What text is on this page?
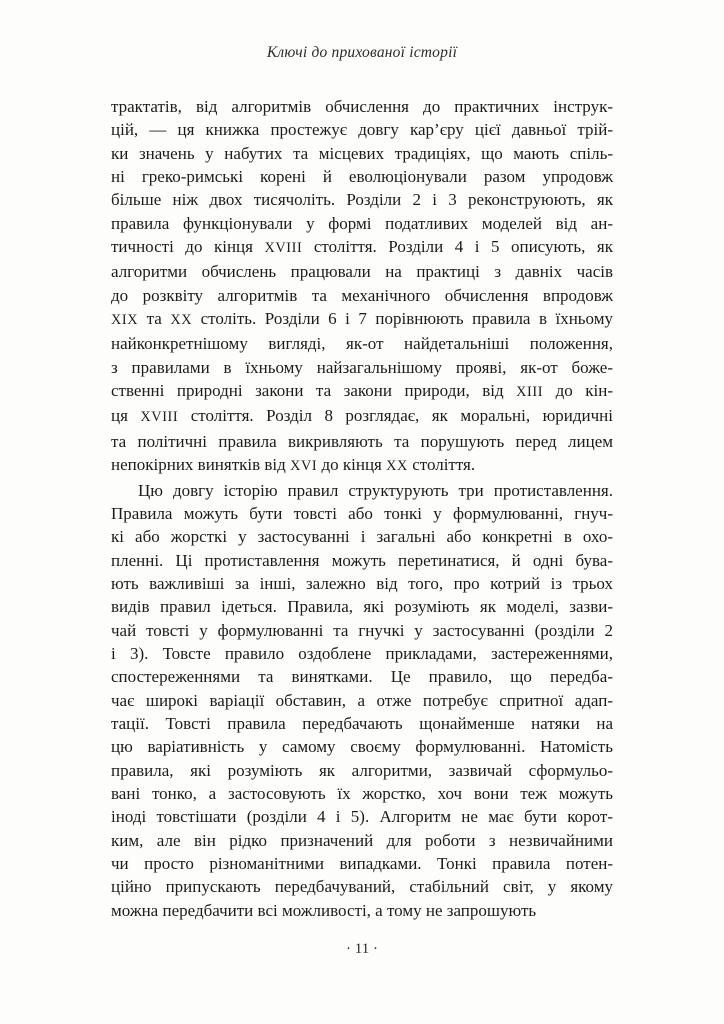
Ключі до прихованої історії
трактатів, від алгоритмів обчислення до практичних інструк-
цій, — ця книжка простежує довгу кар’єру цієї давньої трій-
ки значень у набутих та місцевих традиціях, що мають спіль-
ні греко-римські корені й еволюціонували разом упродовж
більше ніж двох тисячоліть. Розділи 2 і 3 реконструюють, як
правила функціонували у формі податливих моделей від ан-
тичності до кінця XVIII століття. Розділи 4 і 5 описують, як
алгоритми обчислень працювали на практиці з давніх часів
до розквіту алгоритмів та механічного обчислення впродовж
XIX та XX століть. Розділи 6 і 7 порівнюють правила в їхньому
найконкретнішому вигляді, як-от найдетальніші положення,
з правилами в їхньому найзагальнішому прояві, як-от боже-
ственні природні закони та закони природи, від XIII до кін-
ця XVIII століття. Розділ 8 розглядає, як моральні, юридичні
та політичні правила викривляють та порушують перед лицем
непокірних винятків від XVI до кінця XX століття.
Цю довгу історію правил структурують три протиставлення.
Правила можуть бути товсті або тонкі у формулюванні, гнуч-
кі або жорсткі у застосуванні і загальні або конкретні в охо-
пленні. Ці протиставлення можуть перетинатися, й одні бува-
ють важливіші за інші, залежно від того, про котрий із трьох
видів правил ідеться. Правила, які розуміють як моделі, зазви-
чай товсті у формулюванні та гнучкі у застосуванні (розділи 2
і 3). Товсте правило оздоблене прикладами, застереженнями,
спостереженнями та винятками. Це правило, що передба-
чає широкі варіації обставин, а отже потребує спритної адап-
тації. Товсті правила передбачають щонайменше натяки на
цю варіативність у самому своєму формулюванні. Натомість
правила, які розуміють як алгоритми, зазвичай сформульо-
вані тонко, а застосовують їх жорстко, хоч вони теж можуть
іноді товстішати (розділи 4 і 5). Алгоритм не має бути корот-
ким, але він рідко призначений для роботи з незвичайними
чи просто різноманітними випадками. Тонкі правила потен-
ційно припускають передбачуваний, стабільний світ, у якому
можна передбачити всі можливості, а тому не запрошують
· 11 ·
